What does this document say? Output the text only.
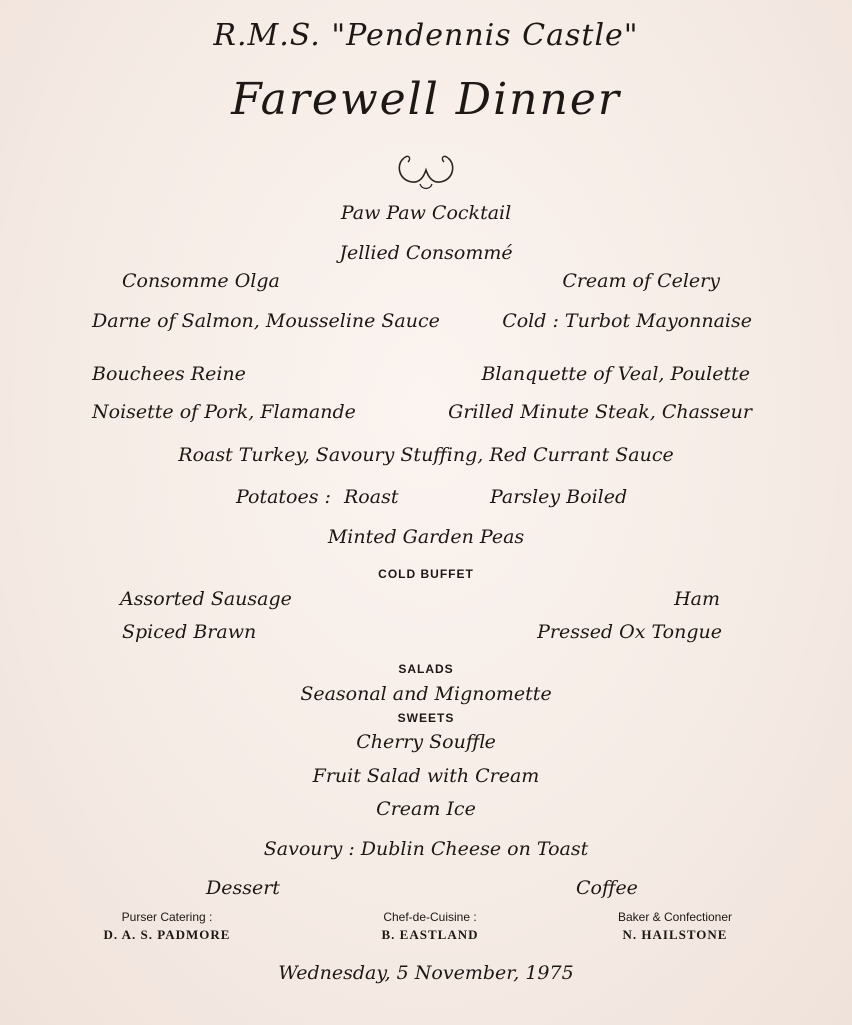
R.M.S. "Pendennis Castle"
Farewell Dinner
Paw Paw Cocktail
Jellied Consommé
Consomme Olga	Cream of Celery
Darne of Salmon, Mousseline Sauce	Cold : Turbot Mayonnaise
Bouchees Reine	Blanquette of Veal, Poulette
Noisette of Pork, Flamande	Grilled Minute Steak, Chasseur
Roast Turkey, Savoury Stuffing, Red Currant Sauce
Potatoes : Roast	Parsley Boiled
Minted Garden Peas
COLD BUFFET
Assorted Sausage	Ham
Spiced Brawn	Pressed Ox Tongue
SALADS
Seasonal and Mignomette
SWEETS
Cherry Souffle
Fruit Salad with Cream
Cream Ice
Savoury : Dublin Cheese on Toast
Dessert	Coffee
Purser Catering :
D. A. S. PADMORE
Chef-de-Cuisine :
B. EASTLAND
Baker & Confectioner
N. HAILSTONE
Wednesday, 5 November, 1975
